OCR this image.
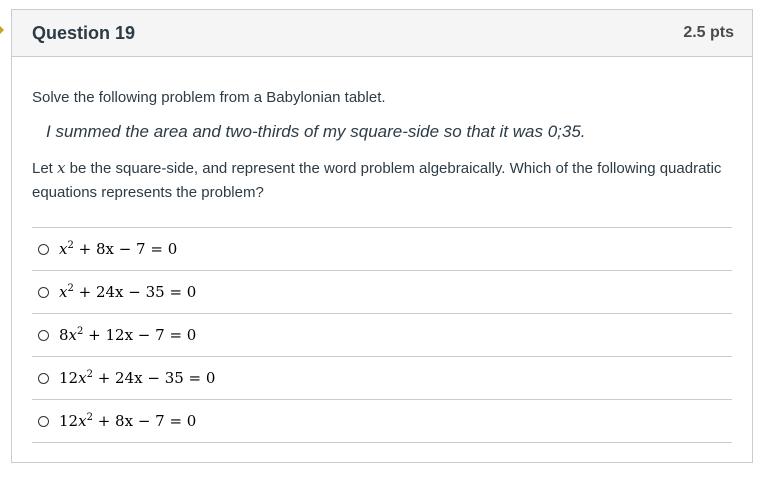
Question 19	2.5 pts
Solve the following problem from a Babylonian tablet.
I summed the area and two-thirds of my square-side so that it was 0;35.
Let x be the square-side, and represent the word problem algebraically. Which of the following quadratic equations represents the problem?
$x^2 + 8x - 7 = 0$
$x^2 + 24x - 35 = 0$
$8x^2 + 12x - 7 = 0$
$12x^2 + 24x - 35 = 0$
$12x^2 + 8x - 7 = 0$
